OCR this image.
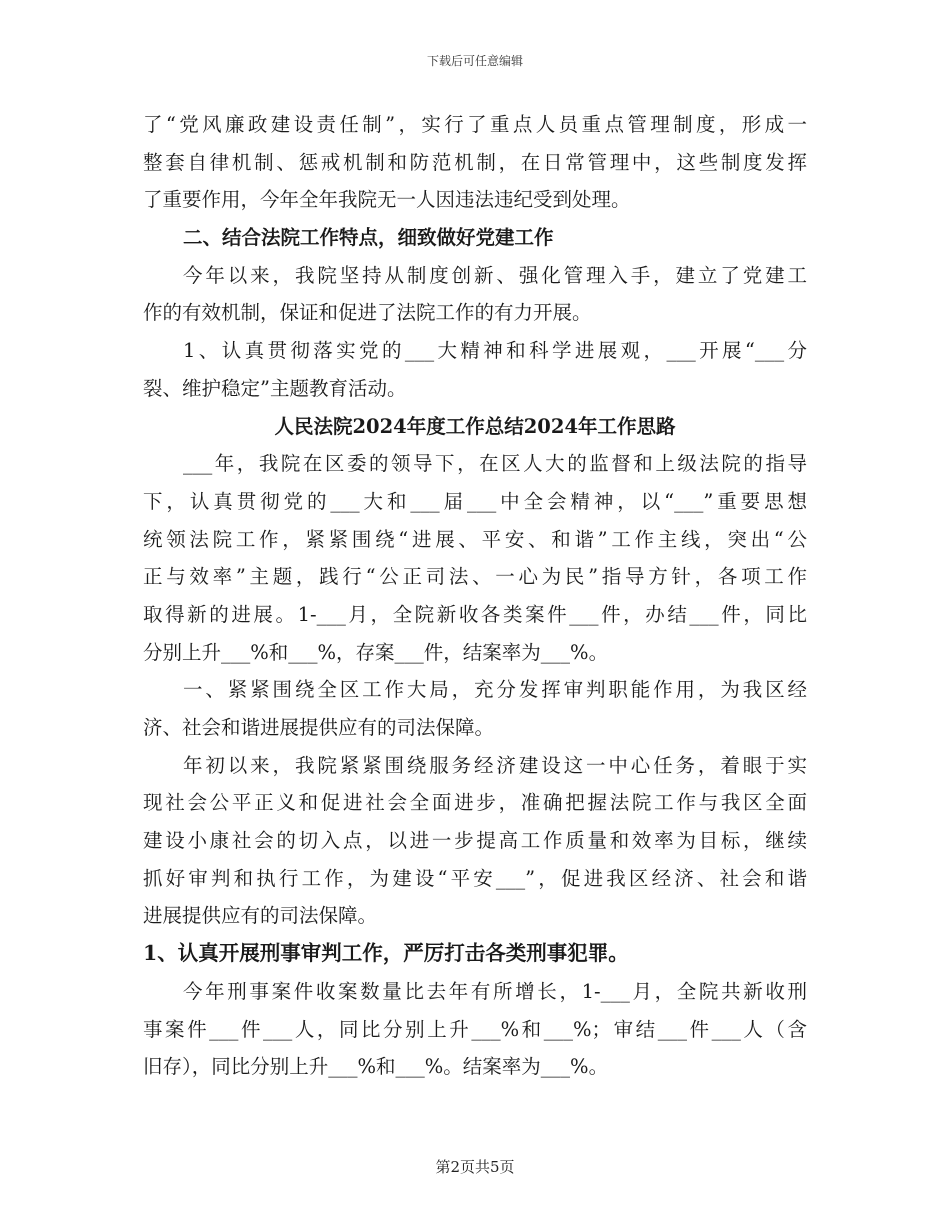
下载后可任意编辑
了“党风廉政建设责任制”，实行了重点人员重点管理制度，形成一
整套自律机制、惩戒机制和防范机制，在日常管理中，这些制度发挥
了重要作用，今年全年我院无一人因违法违纪受到处理。
二、结合法院工作特点，细致做好党建工作
今年以来，我院坚持从制度创新、强化管理入手，建立了党建工
作的有效机制，保证和促进了法院工作的有力开展。
1、认真贯彻落实党的___大精神和科学进展观，___开展“___分
裂、维护稳定”主题教育活动。
人民法院2024年度工作总结2024年工作思路
___年，我院在区委的领导下，在区人大的监督和上级法院的指导
下，认真贯彻党的___大和___届___中全会精神，以“___”重要思想
统领法院工作，紧紧围绕“进展、平安、和谐”工作主线，突出“公
正与效率”主题，践行“公正司法、一心为民”指导方针，各项工作
取得新的进展。1-___月，全院新收各类案件___件，办结___件，同比
分别上升___%和___%，存案___件，结案率为___%。
一、紧紧围绕全区工作大局，充分发挥审判职能作用，为我区经
济、社会和谐进展提供应有的司法保障。
年初以来，我院紧紧围绕服务经济建设这一中心任务，着眼于实
现社会公平正义和促进社会全面进步，准确把握法院工作与我区全面
建设小康社会的切入点，以进一步提高工作质量和效率为目标，继续
抓好审判和执行工作，为建设“平安___”，促进我区经济、社会和谐
进展提供应有的司法保障。
1、认真开展刑事审判工作，严厉打击各类刑事犯罪。
今年刑事案件收案数量比去年有所增长，1-___月，全院共新收刑
事案件___件___人，同比分别上升___%和___%；审结___件___人（含
旧存），同比分别上升___%和___%。结案率为___%。
第2页共5页
